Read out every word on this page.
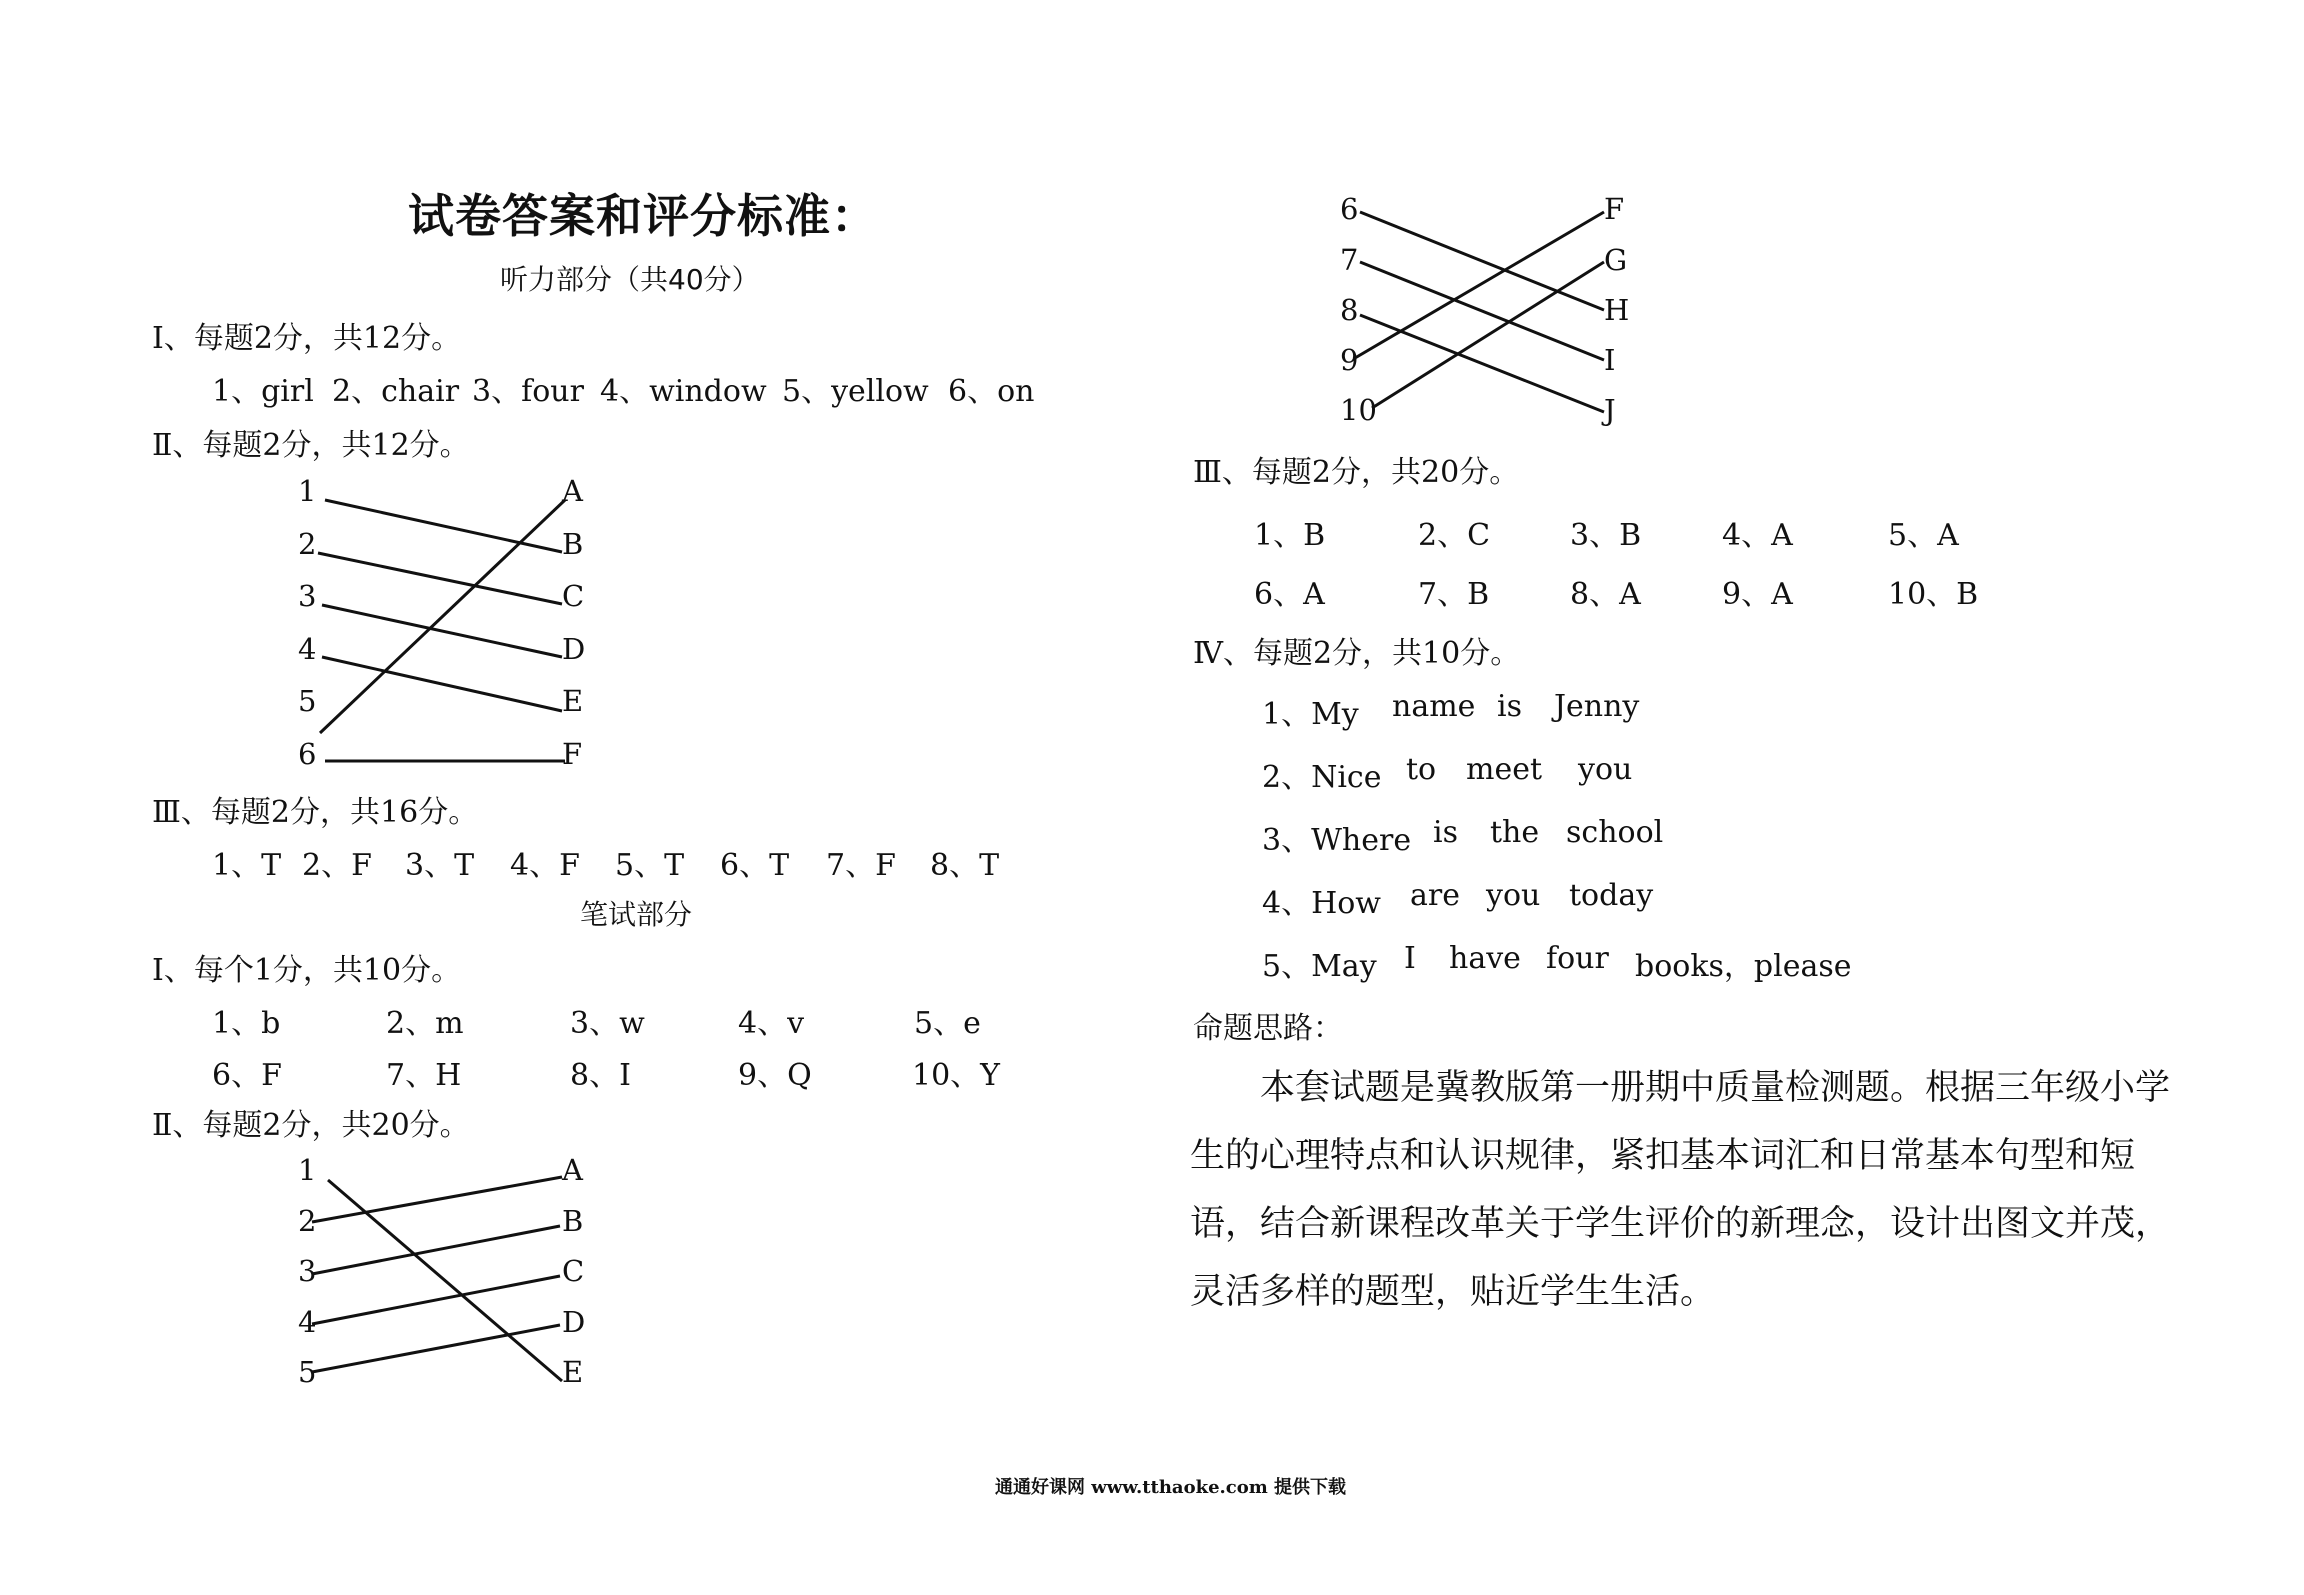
试卷答案和评分标准：
听力部分（共40分）
Ⅰ、每题2分，共12分。
1、girl 2、chair 3、four 4、window 5、yellow 6、on
Ⅱ、每题2分，共12分。
1
2
3
4
5
6
A
B
C
D
E
F
Ⅲ、每题2分，共16分。
1、T 2、F 3、T 4、F 5、T 6、T 7、F 8、T
笔试部分
Ⅰ、每个1分，共10分。
1、b	2、m	3、w	4、v	5、e
6、F	7、H	8、I	9、Q	10、Y
Ⅱ、每题2分，共20分。
1
2
3
4
5
A
B
C
D
E
6
7
8
9
10
F
G
H
I
J
Ⅲ、每题2分，共20分。
1、B	2、C	3、B	4、A	5、A
6、A	7、B	8、A	9、A	10、B
Ⅳ、每题2分，共10分。
1、My name is Jenny
2、Nice to meet you
3、Where is the school
4、How are you today
5、May I have four books，please
命题思路：
本套试题是冀教版第一册期中质量检测题。根据三年级小学生的心理特点和认识规律，紧扣基本词汇和日常基本句型和短语，结合新课程改革关于学生评价的新理念，设计出图文并茂，灵活多样的题型，贴近学生生活。
通通好课网 www.tthaoke.com 提供下载
